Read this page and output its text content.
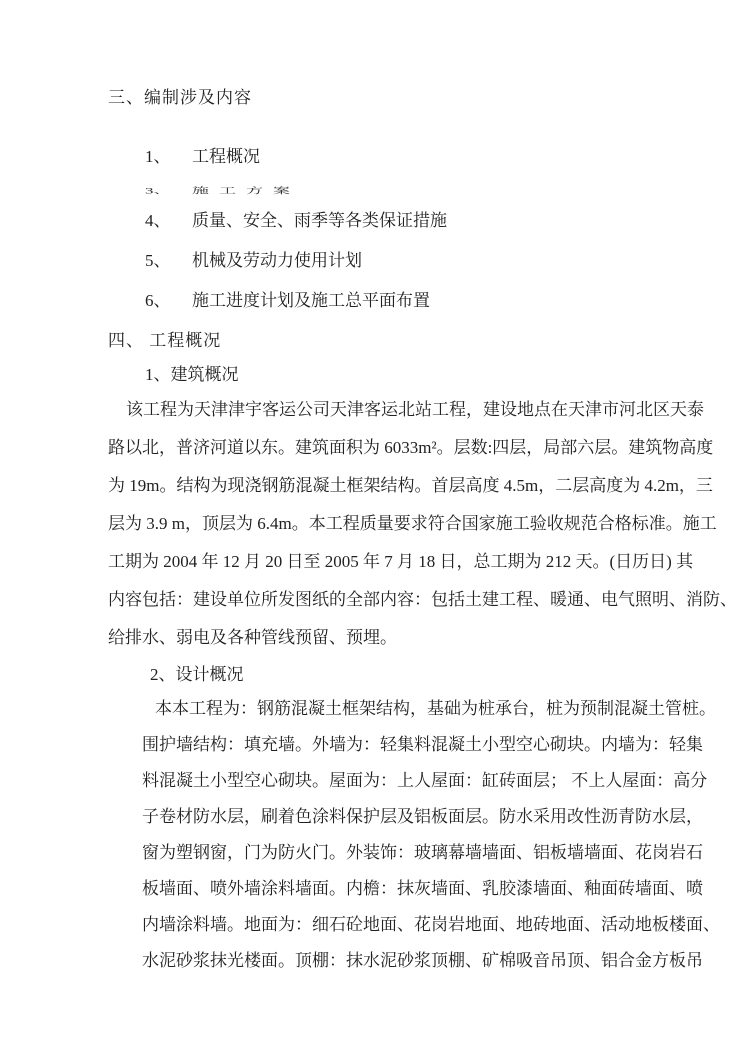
三、编制涉及内容
1、 工程概况
3、 施工方案
4、 质量、安全、雨季等各类保证措施
5、 机械及劳动力使用计划
6、 施工进度计划及施工总平面布置
四、 工程概况
1、建筑概况
该工程为天津津宇客运公司天津客运北站工程，建设地点在天津市河北区天泰
路以北，普济河道以东。建筑面积为 6033m²。层数:四层，局部六层。建筑物高度
为 19m。结构为现浇钢筋混凝土框架结构。首层高度 4.5m，二层高度为 4.2m，三
层为 3.9 m，顶层为 6.4m。本工程质量要求符合国家施工验收规范合格标准。施工
工期为 2004 年 12 月 20 日至 2005 年 7 月 18 日，总工期为 212 天。(日历日) 其
内容包括：建设单位所发图纸的全部内容：包括土建工程、暖通、电气照明、消防、
给排水、弱电及各种管线预留、预埋。
2、设计概况
本本工程为：钢筋混凝土框架结构，基础为桩承台，桩为预制混凝土管桩。
围护墙结构：填充墙。外墙为：轻集料混凝土小型空心砌块。内墙为：轻集
料混凝土小型空心砌块。屋面为：上人屋面：缸砖面层； 不上人屋面：高分
子卷材防水层，刷着色涂料保护层及铝板面层。防水采用改性沥青防水层，
窗为塑钢窗，门为防火门。外装饰：玻璃幕墙墙面、铝板墙墙面、花岗岩石
板墙面、喷外墙涂料墙面。内檐：抹灰墙面、乳胶漆墙面、釉面砖墙面、喷
内墙涂料墙。地面为：细石砼地面、花岗岩地面、地砖地面、活动地板楼面、
水泥砂浆抹光楼面。顶棚：抹水泥砂浆顶棚、矿棉吸音吊顶、铝合金方板吊
